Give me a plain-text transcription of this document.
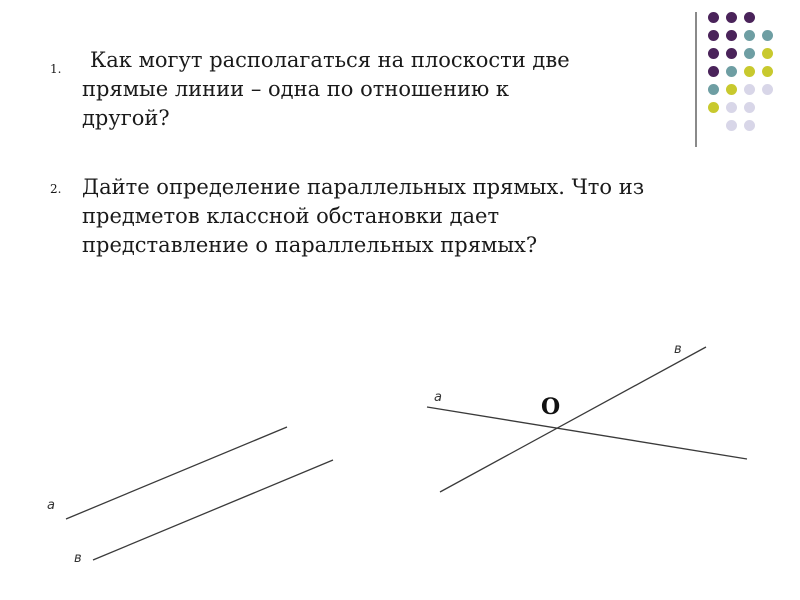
1.	Как могут располагаться на плоскости две
прямые линии – одна по отношению к
другой?

2. Дайте определение параллельных прямых. Что из
предметов классной обстановки дает
представление о параллельных прямых?

а
в
а
в
О
